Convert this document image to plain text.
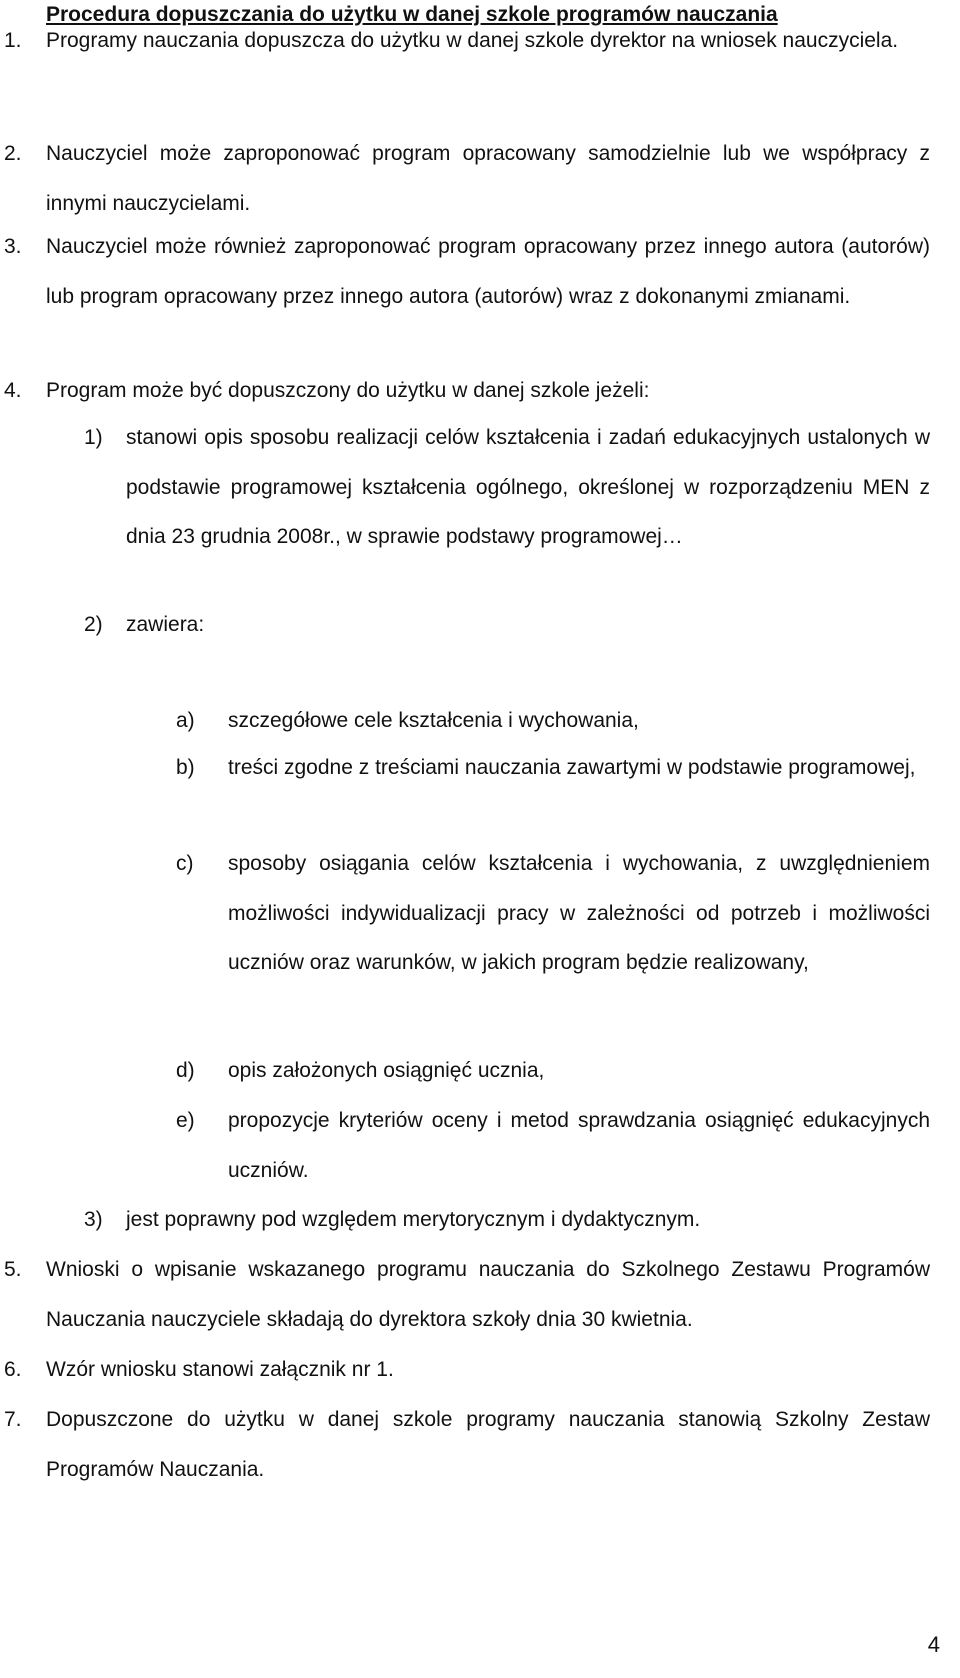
Procedura dopuszczania do użytku w danej szkole programów nauczania
1.	Programy nauczania dopuszcza do użytku w danej szkole dyrektor na wniosek nauczyciela.
2.	Nauczyciel może zaproponować program opracowany samodzielnie lub we współpracy z innymi nauczycielami.
3.	Nauczyciel może również zaproponować program opracowany przez innego autora (autorów) lub program opracowany przez innego autora (autorów) wraz z dokonanymi zmianami.
4.	Program może być dopuszczony do użytku w danej szkole jeżeli:
1)	stanowi opis sposobu realizacji celów kształcenia i zadań edukacyjnych ustalonych w podstawie programowej kształcenia ogólnego, określonej w rozporządzeniu MEN z dnia 23 grudnia 2008r., w sprawie podstawy programowej…
2)	zawiera:
a)	szczegółowe cele kształcenia i wychowania,
b)	treści zgodne z treściami nauczania zawartymi w podstawie programowej,
c)	sposoby osiągania celów kształcenia i wychowania, z uwzględnieniem możliwości indywidualizacji pracy w zależności od potrzeb i możliwości uczniów oraz warunków, w jakich program będzie realizowany,
d)	opis założonych osiągnięć ucznia,
e)	propozycje kryteriów oceny i metod sprawdzania osiągnięć edukacyjnych uczniów.
3)	jest poprawny pod względem merytorycznym i dydaktycznym.
5.	Wnioski o wpisanie wskazanego programu nauczania do Szkolnego Zestawu Programów Nauczania nauczyciele składają do dyrektora szkoły dnia 30 kwietnia.
6.	Wzór wniosku stanowi załącznik nr 1.
7.	Dopuszczone do użytku w danej szkole programy nauczania stanowią Szkolny Zestaw Programów Nauczania.
4
